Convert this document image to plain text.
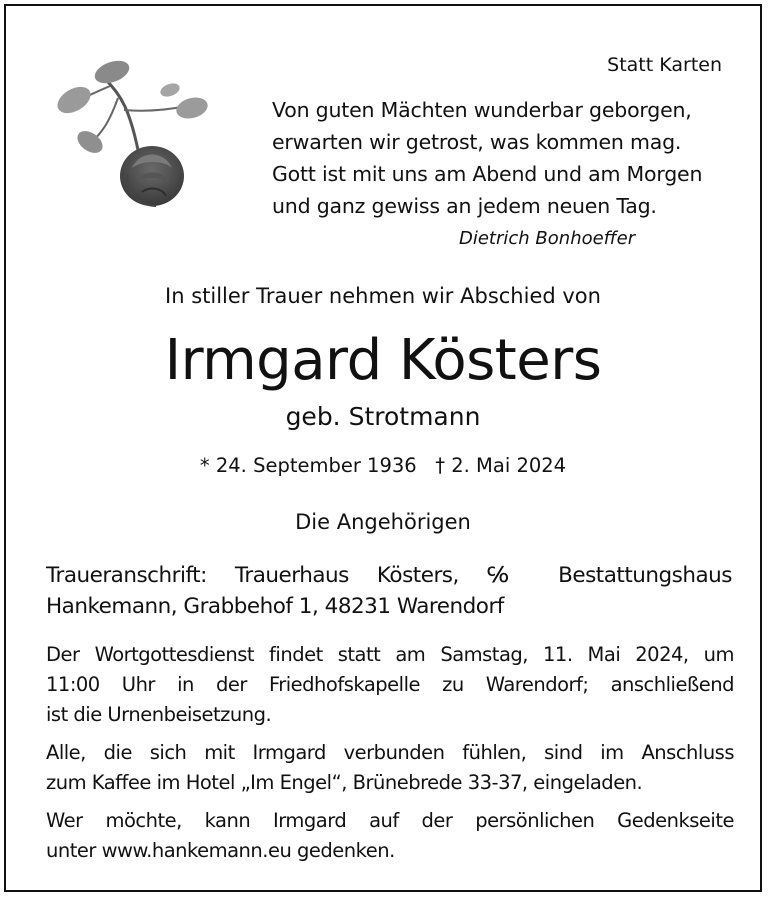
Statt Karten
Von guten Mächten wunderbar geborgen,
erwarten wir getrost, was kommen mag.
Gott ist mit uns am Abend und am Morgen
und ganz gewiss an jedem neuen Tag.
Dietrich Bonhoeffer
In stiller Trauer nehmen wir Abschied von
Irmgard Kösters
geb. Strotmann
* 24. September 1936 † 2. Mai 2024
Die Angehörigen
Traueranschrift: Trauerhaus Kösters, ℅ Bestattungshaus
Hankemann, Grabbehof 1, 48231 Warendorf
Der Wortgottesdienst findet statt am Samstag, 11. Mai 2024, um
11:00 Uhr in der Friedhofskapelle zu Warendorf; anschließend
ist die Urnenbeisetzung.
Alle, die sich mit Irmgard verbunden fühlen, sind im Anschluss
zum Kaffee im Hotel „Im Engel“, Brünebrede 33-37, eingeladen.
Wer möchte, kann Irmgard auf der persönlichen Gedenkseite
unter www.hankemann.eu gedenken.
